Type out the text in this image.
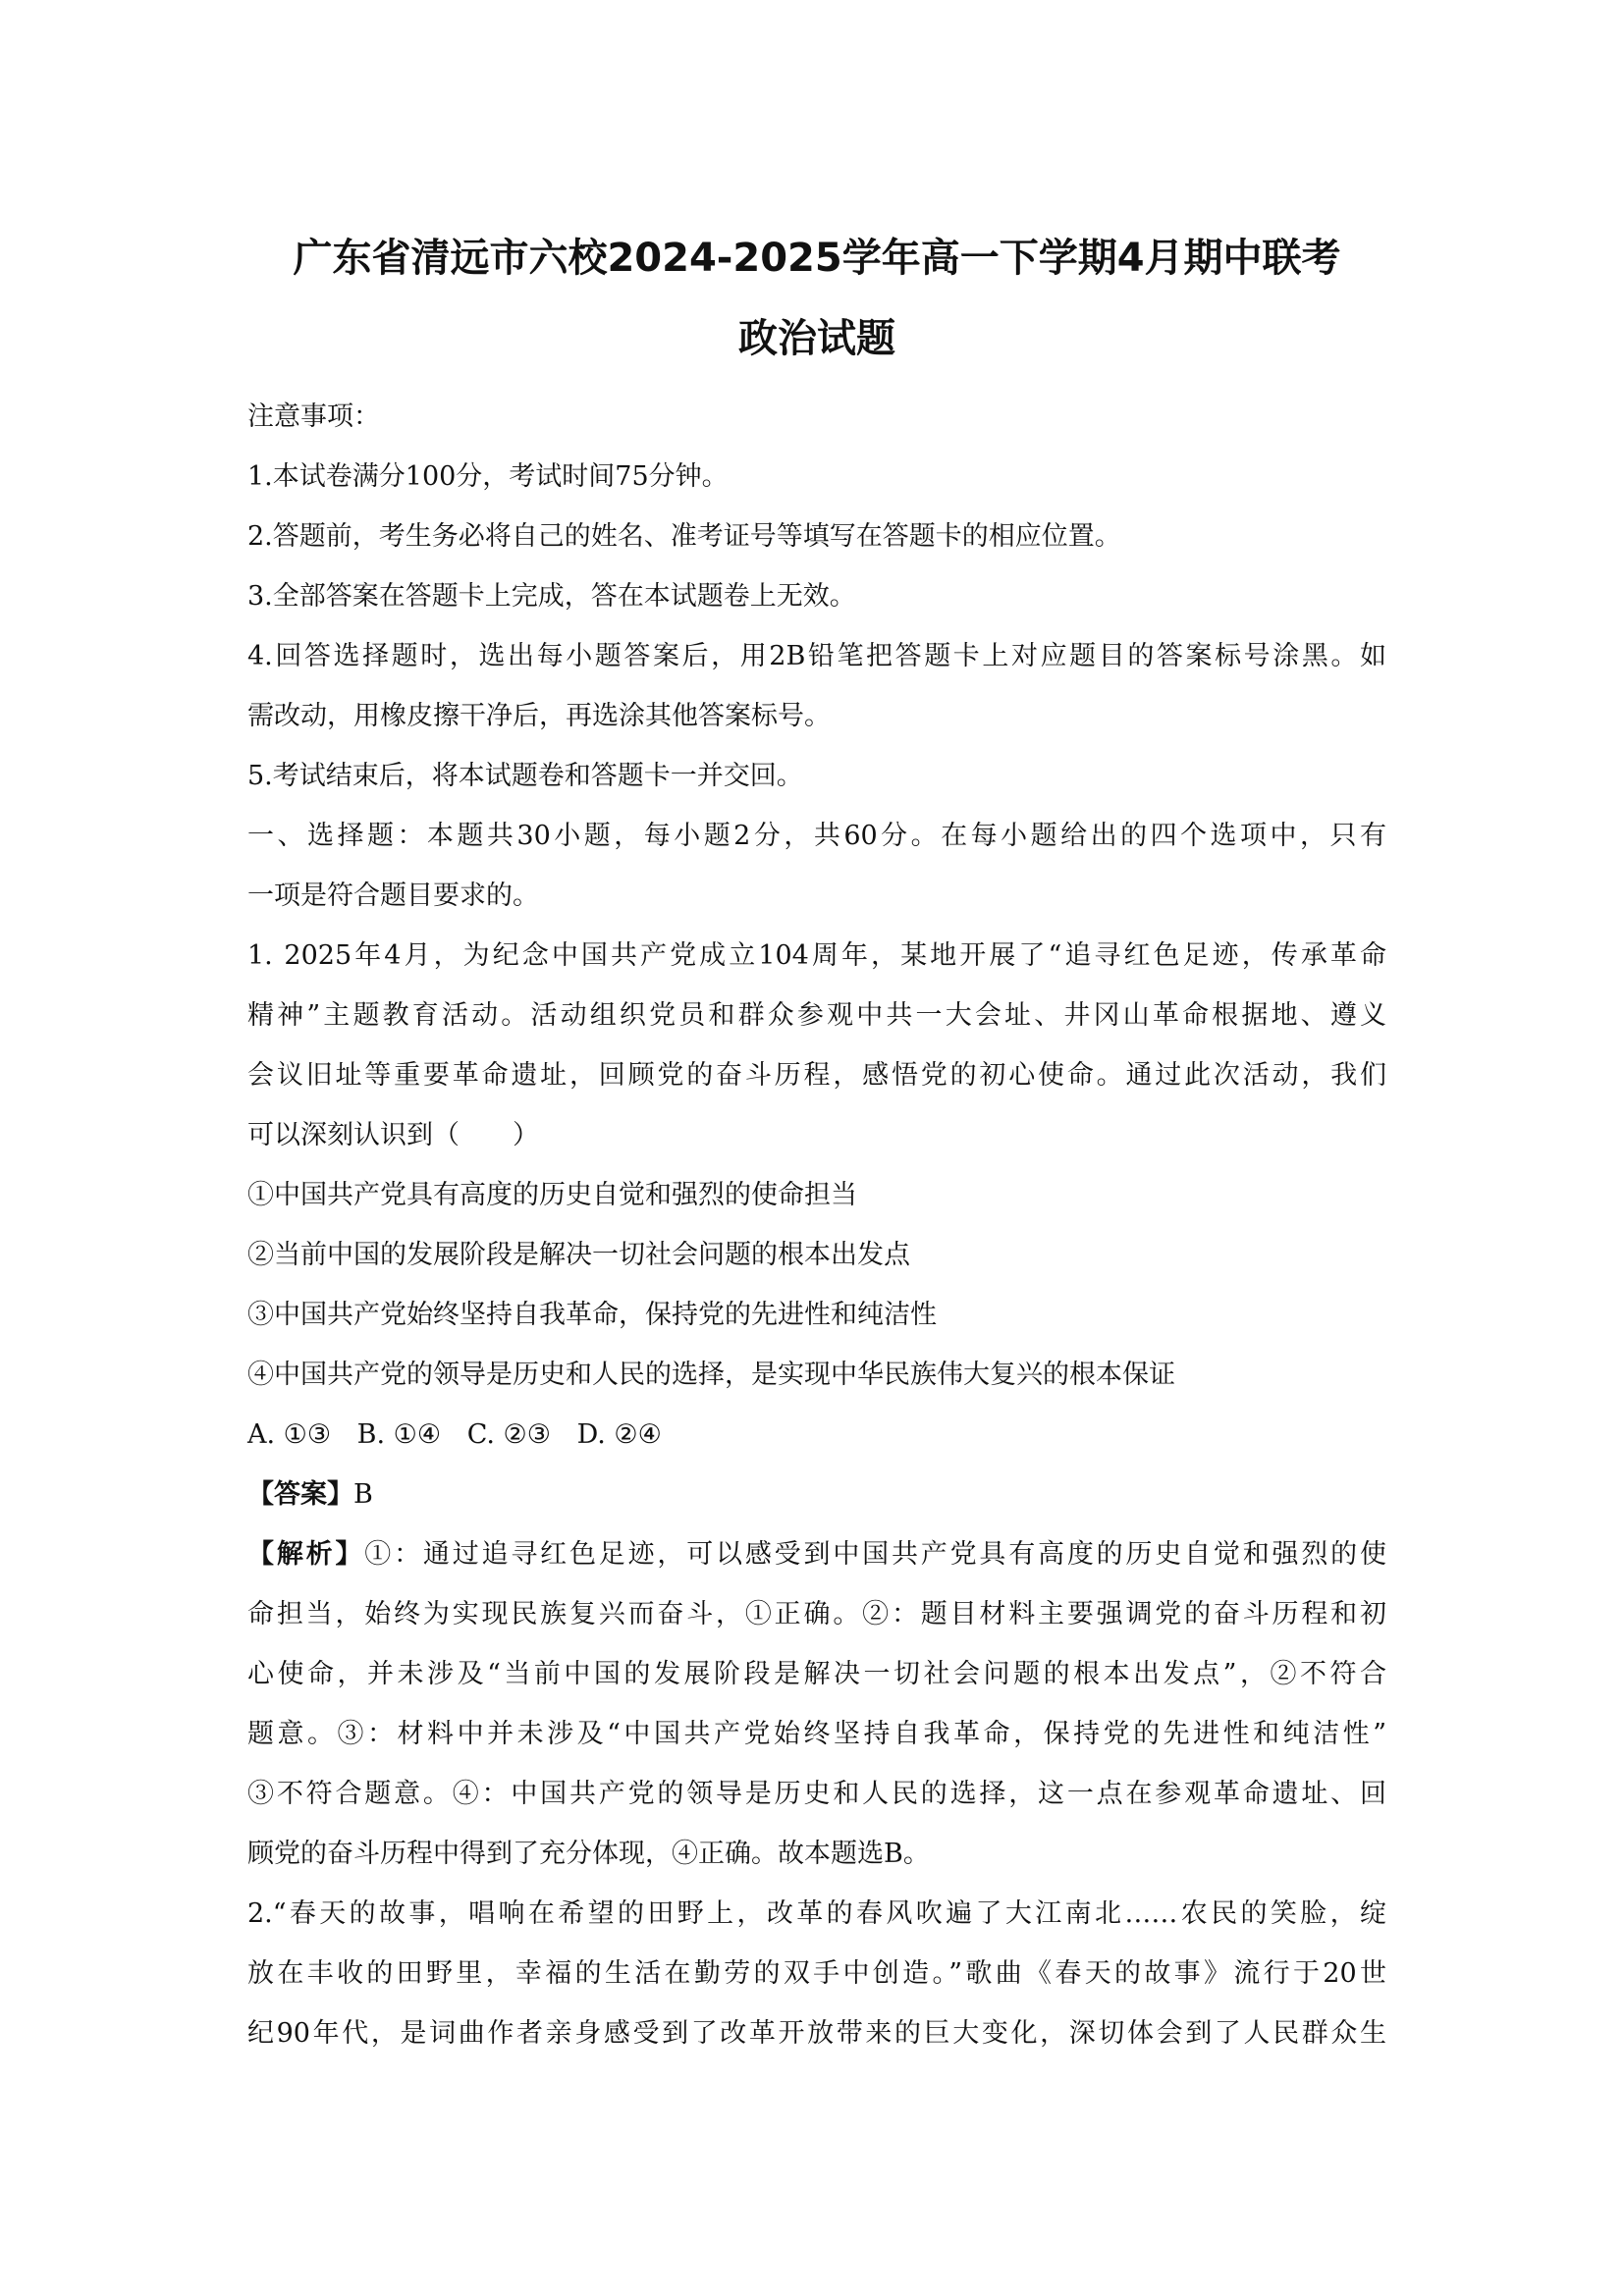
广东省清远市六校2024-2025学年高一下学期4月期中联考
政治试题

注意事项：

1.本试卷满分100分，考试时间75分钟。

2.答题前，考生务必将自己的姓名、准考证号等填写在答题卡的相应位置。

3.全部答案在答题卡上完成，答在本试题卷上无效。

4.回答选择题时，选出每小题答案后，用2B铅笔把答题卡上对应题目的答案标号涂黑。如

需改动，用橡皮擦干净后，再选涂其他答案标号。

5.考试结束后，将本试题卷和答题卡一并交回。

一、选择题：本题共30小题，每小题2分，共60分。在每小题给出的四个选项中，只有

一项是符合题目要求的。

1. 2025年4月，为纪念中国共产党成立104周年，某地开展了“追寻红色足迹，传承革命

精神”主题教育活动。活动组织党员和群众参观中共一大会址、井冈山革命根据地、遵义

会议旧址等重要革命遗址，回顾党的奋斗历程，感悟党的初心使命。通过此次活动，我们

可以深刻认识到（　　）

①中国共产党具有高度的历史自觉和强烈的使命担当

②当前中国的发展阶段是解决一切社会问题的根本出发点

③中国共产党始终坚持自我革命，保持党的先进性和纯洁性

④中国共产党的领导是历史和人民的选择，是实现中华民族伟大复兴的根本保证

A. ①③ B. ①④ C. ②③ D. ②④

【答案】B

【解析】①：通过追寻红色足迹，可以感受到中国共产党具有高度的历史自觉和强烈的使

命担当，始终为实现民族复兴而奋斗，①正确。②：题目材料主要强调党的奋斗历程和初

心使命，并未涉及“当前中国的发展阶段是解决一切社会问题的根本出发点”，②不符合

题意。③：材料中并未涉及“中国共产党始终坚持自我革命，保持党的先进性和纯洁性”

③不符合题意。④：中国共产党的领导是历史和人民的选择，这一点在参观革命遗址、回

顾党的奋斗历程中得到了充分体现，④正确。故本题选B。

2.“春天的故事，唱响在希望的田野上，改革的春风吹遍了大江南北……农民的笑脸，绽

放在丰收的田野里，幸福的生活在勤劳的双手中创造。”歌曲《春天的故事》流行于20世

纪90年代，是词曲作者亲身感受到了改革开放带来的巨大变化，深切体会到了人民群众生
